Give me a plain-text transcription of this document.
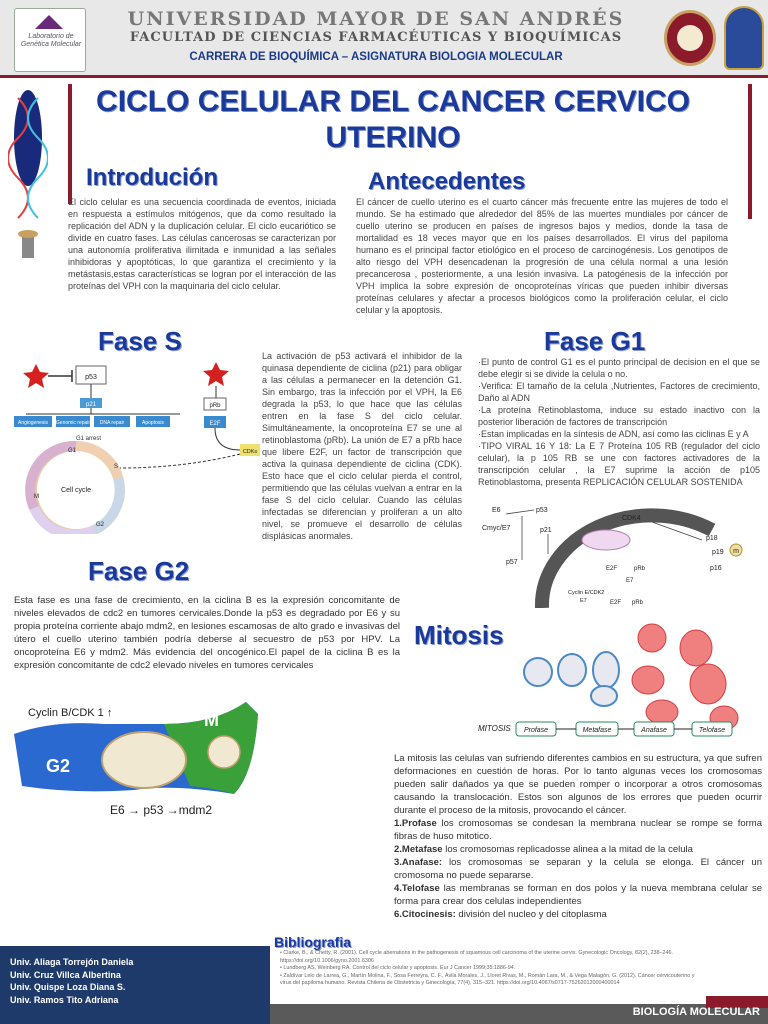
Laboratorio de Genética Molecular
UNIVERSIDAD MAYOR DE SAN ANDRÉS
FACULTAD DE CIENCIAS FARMACÉUTICAS Y BIOQUÍMICAS
CARRERA DE BIOQUÍMICA – ASIGNATURA BIOLOGIA MOLECULAR
CICLO CELULAR DEL CANCER CERVICO UTERINO
Introdución
El ciclo celular es una secuencia coordinada de eventos, iniciada en respuesta a estímulos mitógenos, que da como resultado la replicación del ADN y la duplicación celular. El ciclo eucariótico se divide en cuatro fases. Las células cancerosas se caracterizan por una autonomía proliferativa ilimitada e inmunidad a las señales inhibidoras y apoptóticas, lo que garantiza el crecimiento y la metástasis,estas características se logran por el interacción de las proteínas del VPH con la maquinaria del ciclo celular.
Antecedentes
El cáncer de cuello uterino es el cuarto cáncer más frecuente entre las mujeres de todo el mundo. Se ha estimado que alrededor del 85% de las muertes mundiales por cáncer de cuello uterino se producen en países de ingresos bajos y medios, donde la tasa de mortalidad es 18 veces mayor que en los países desarrollados. El virus del papiloma humano es el principal factor etiológico en el proceso de carcinogénesis. Los genotipos de alto riesgo del VPH desencadenan la progresión de una célula normal a una lesión precancerosa , posteriormente, a una lesión invasiva. La patogénesis de la infección por VPH implica la sobre expresión de oncoproteínas víricas que pueden inhibir diversas proteínas celulares y afectar a procesos biológicos como la proliferación celular, el ciclo celular y la apoptosis.
Fase S
p53
p21
Angiogenesis Genomic repair DNA repair	Apoptosis
G1 arrest
Cell cycle
G1
S
G2
M
pRb
E2F
CDKs
La activación de p53 activará el inhibidor de la quinasa dependiente de ciclina (p21) para obligar a las células a permanecer en la detención G1. Sin embargo, tras la infección por el VPH, la E6 degrada la p53, lo que hace que las células entren en la fase S del ciclo celular. Simultáneamente, la oncoproteína E7 se une al retinoblastoma (pRb). La unión de E7 a pRb hace que libere E2F, un factor de transcripción que activa la quinasa dependiente de ciclina (CDK). Esto hace que el ciclo celular pierda el control, permitiendo que las células vuelvan a entrar en la fase S del ciclo celular. Cuando las células infectadas se diferencian y proliferan a un alto nivel, se promueve el desarrollo de células displásicas anormales.
Fase G1
·El punto de control G1 es el punto principal de decision en el que se debe elegir si se divide la celula o no.
·Verifica: El tamaño de la celula ,Nutrientes, Factores de crecimiento, Daño al ADN
·La proteína Retinoblastoma, induce su estado inactivo con la posterior liberación de factores de transcripción
·Estan implicadas en la síntesis de ADN, así como las ciclinas E y A
·TIPO VIRAL 16 Y 18: La E 7 Proteína 105 RB (regulador del ciclo celular), la p 105 RB se une con factores activadores de la transcripción celular , la E7 suprime la acción de p105 Retinoblastoma, presenta REPLICACIÓN CELULAR SOSTENIDA
G1
E6	p53
Cmyc/E7	p21
p57
CDK4
p18
p19
p16
E2F	pRb
E7
Cyclin E/CDK2
E7	E2F pRb
m
Fase G2
Esta fase es una fase de crecimiento, en la ciclina B es la expresión concomitante de niveles elevados de cdc2 en tumores cervicales.Donde la p53 es degradado por E6 y su propia proteína corriente abajo mdm2, en lesiones escamosas de alto grado e invasivas del útero el cuello uterino también podría deberse al secuestro de p53 por HPV. La oncoproteína E6 y mdm2. Más evidencia del oncogénico.El papel de la ciclina B es la expresión concomitante de cdc2 elevado niveles en tumores cervicales
Cyclin B/CDK 1 ↑	M
G2
E6 → p53 →mdm2
Mitosis
MITOSIS Profase	Metafase	Anafase	Telofase
La mitosis las celulas van sufriendo diferentes cambios en su estructura, ya que sufren deformaciones en cuestión de horas. Por lo tanto algunas veces los cromosomas pueden salir dañados ya que se pueden romper o incorporar a otros cromosomas causando la translocación. Estos son algunos de los errores que pueden ocurrir durante el proceso de la mitosis, provocando el cáncer.
1.Profase los cromosomas se condesan la membrana nuclear se rompe se forma fibras de huso mitotico.
2.Metafase los cromosomas replicadosse alinea a la mitad de la celula
3.Anafase: los cromosomas se separan y la celula se elonga. El cáncer un cromosoma no puede separarse.
4.Telofase las membranas se forman en dos polos y la nueva membrana celular se forma para crear dos celulas independientes
6.Citocinesis: división del nucleo y del citoplasma
Bibliografia
• Clarke, B., & Chetty, R. (2001). Cell cycle aberrations in the pathogenesis of squamous cell carcinoma of the uterine cervix. Gynecologic Oncology, 82(2), 238–246. https://doi.org/10.1006/gyno.2001.6306
• Lundberg AS, Weinberg RA. Control del ciclo celular y apoptosis. Eur J Cancer 1999;35:1886-94.
• Zaldívar Lelo de Larrea, G., Martín Molina, F., Sosa Ferreyra, C. F., Ávila Morales, J., Lloret Rivas, M., Román Lara, M., & Vega Malagón, G. (2012). Cáncer cérvicouterino y virus del papiloma humano. Revista Chilena de Obstetricia y Ginecología, 77(4), 315–321. https://doi.org/10.4067/s0717-75262012000400014
Univ. Aliaga Torrejón Daniela
Univ. Cruz Villca Albertina
Univ. Quispe Loza Diana S.
Univ. Ramos Tito Adriana
BIOLOGÍA MOLECULAR
